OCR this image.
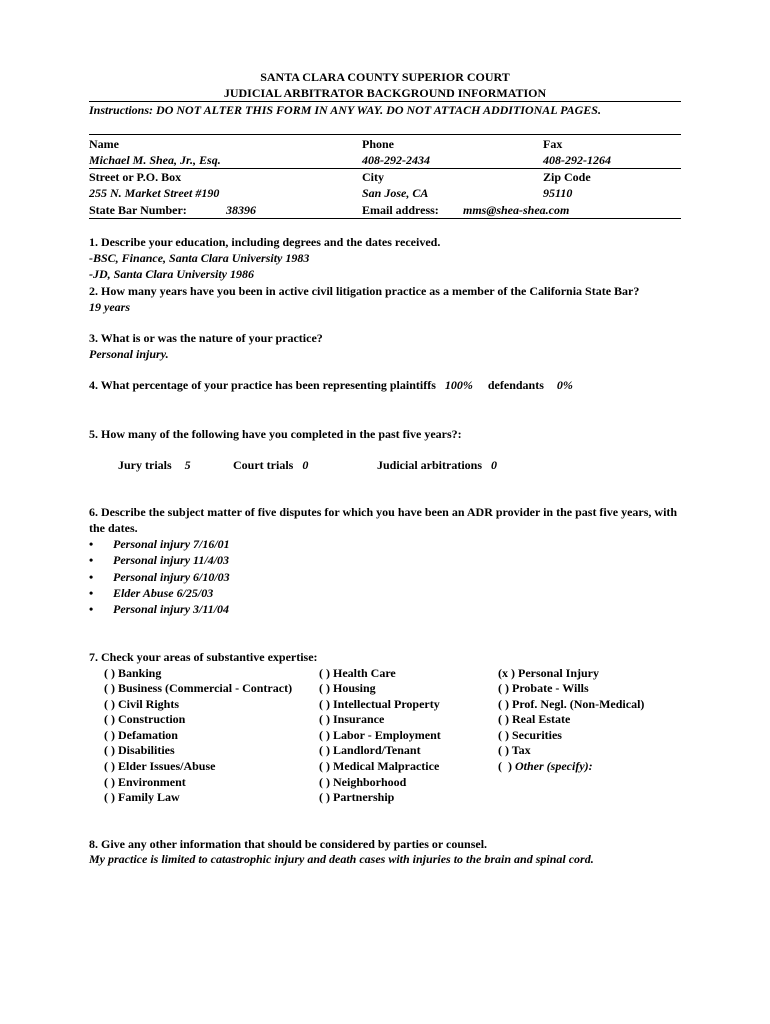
SANTA CLARA COUNTY SUPERIOR COURT
JUDICIAL ARBITRATOR BACKGROUND INFORMATION
Instructions: DO NOT ALTER THIS FORM IN ANY WAY. DO NOT ATTACH ADDITIONAL PAGES.
Name	Phone	Fax
Michael M. Shea, Jr., Esq.	408-292-2434	408-292-1264
Street or P.O. Box	City	Zip Code
255 N. Market Street #190	San Jose, CA	95110
State Bar Number:	38396	Email address: mms@shea-shea.com
1. Describe your education, including degrees and the dates received.
-BSC, Finance, Santa Clara University 1983
-JD, Santa Clara University 1986
2. How many years have you been in active civil litigation practice as a member of the California State Bar?
19 years
3. What is or was the nature of your practice?
Personal injury.
4. What percentage of your practice has been representing plaintiffs 100% defendants 0%
5. How many of the following have you completed in the past five years?:
Jury trials 5	Court trials 0	Judicial arbitrations 0
6. Describe the subject matter of five disputes for which you have been an ADR provider in the past five years, with
the dates.
• Personal injury 7/16/01
• Personal injury 11/4/03
• Personal injury 6/10/03
• Elder Abuse 6/25/03
• Personal injury 3/11/04
7. Check your areas of substantive expertise:
( ) Banking
( ) Business (Commercial - Contract)
( ) Civil Rights
( ) Construction
( ) Defamation
( ) Disabilities
( ) Elder Issues/Abuse
( ) Environment
( ) Family Law
( ) Health Care
( ) Housing
( ) Intellectual Property
( ) Insurance
( ) Labor - Employment
( ) Landlord/Tenant
( ) Medical Malpractice
( ) Neighborhood
( ) Partnership
(x ) Personal Injury
( ) Probate - Wills
( ) Prof. Negl. (Non-Medical)
( ) Real Estate
( ) Securities
( ) Tax
(  ) Other (specify):
8. Give any other information that should be considered by parties or counsel.
My practice is limited to catastrophic injury and death cases with injuries to the brain and spinal cord.
